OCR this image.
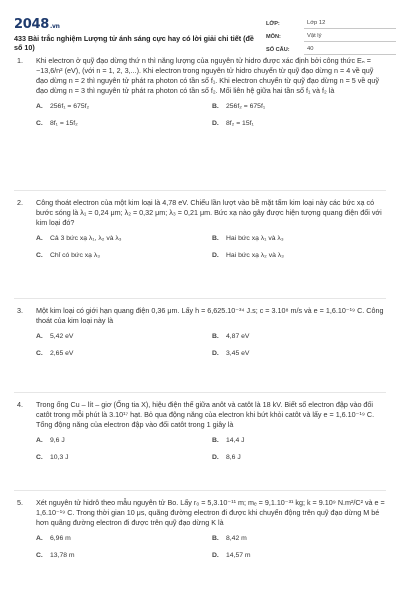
2048.vn
433 Bài trắc nghiệm Lượng tử ánh sáng cực hay có lời giải chi tiết (đề số 10)
LỚP:	Lớp 12
MÔN:	Vật lý
SỐ CÂU:	40
1.	Khi electron ở quỹ đạo dừng thứ n thì năng lượng của nguyên tử hidro được xác định bởi công thức Eₙ = −13,6/n² (eV), (với n = 1, 2, 3,...). Khi electron trong nguyên tử hidro chuyển từ quỹ đạo dừng n = 4 về quỹ đạo dừng n = 2 thì nguyên tử phát ra photon có tần số f₁. Khi electron chuyển từ quỹ đạo dừng n = 5 về quỹ đạo dừng n = 3 thì nguyên tử phát ra photon có tần số f₂. Mối liên hệ giữa hai tần số f₁ và f₂ là
A.	256f₁ = 675f₂	B.	256f₂ = 675f₁
C.	8f₁ = 15f₂	D.	8f₂ = 15f₁
2.	Công thoát electron của một kim loại là 4,78 eV. Chiếu lần lượt vào bề mặt tấm kim loại này các bức xạ có bước sóng là λ₁ = 0,24 μm; λ₂ = 0,32 μm; λ₃ = 0,21 μm. Bức xạ nào gây được hiện tượng quang điện đối với kim loại đó?
A.	Cả 3 bức xạ λ₁, λ₂ và λ₃	B.	Hai bức xạ λ₁ và λ₃
C.	Chỉ có bức xạ λ₃	D.	Hai bức xạ λ₂ và λ₃
3.	Một kim loại có giới hạn quang điện 0,36 μm. Lấy h = 6,625.10⁻³⁴ J.s; c = 3.10⁸ m/s và e = 1,6.10⁻¹⁹ C. Công thoát của kim loại này là
A.	5,42 eV	B.	4,87 eV
C.	2,65 eV	D.	3,45 eV
4.	Trong ống Cu – lít – giơ (Ống tia X), hiệu điện thế giữa anôt và catôt là 18 kV. Biết số electron đập vào đối catôt trong mỗi phút là 3.10¹⁷ hạt. Bỏ qua động năng của electron khi bứt khỏi catôt và lấy e = 1,6.10⁻¹⁹ C. Tổng động năng của electron đập vào đối catôt trong 1 giây là
A.	9,6 J	B.	14,4 J
C.	10,3 J	D.	8,6 J
5.	Xét nguyên tử hidrô theo mẫu nguyên tử Bo. Lấy r₀ = 5,3.10⁻¹¹ m; mₑ = 9,1.10⁻³¹ kg; k = 9.10⁹ N.m²/C² và e = 1,6.10⁻¹⁹ C. Trong thời gian 10 μs, quãng đường electron đi được khi chuyển động trên quỹ đạo dừng M bé hơn quãng đường electron đi được trên quỹ đạo dừng K là
A.	6,96 m	B.	8,42 m
C.	13,78 m	D.	14,57 m
